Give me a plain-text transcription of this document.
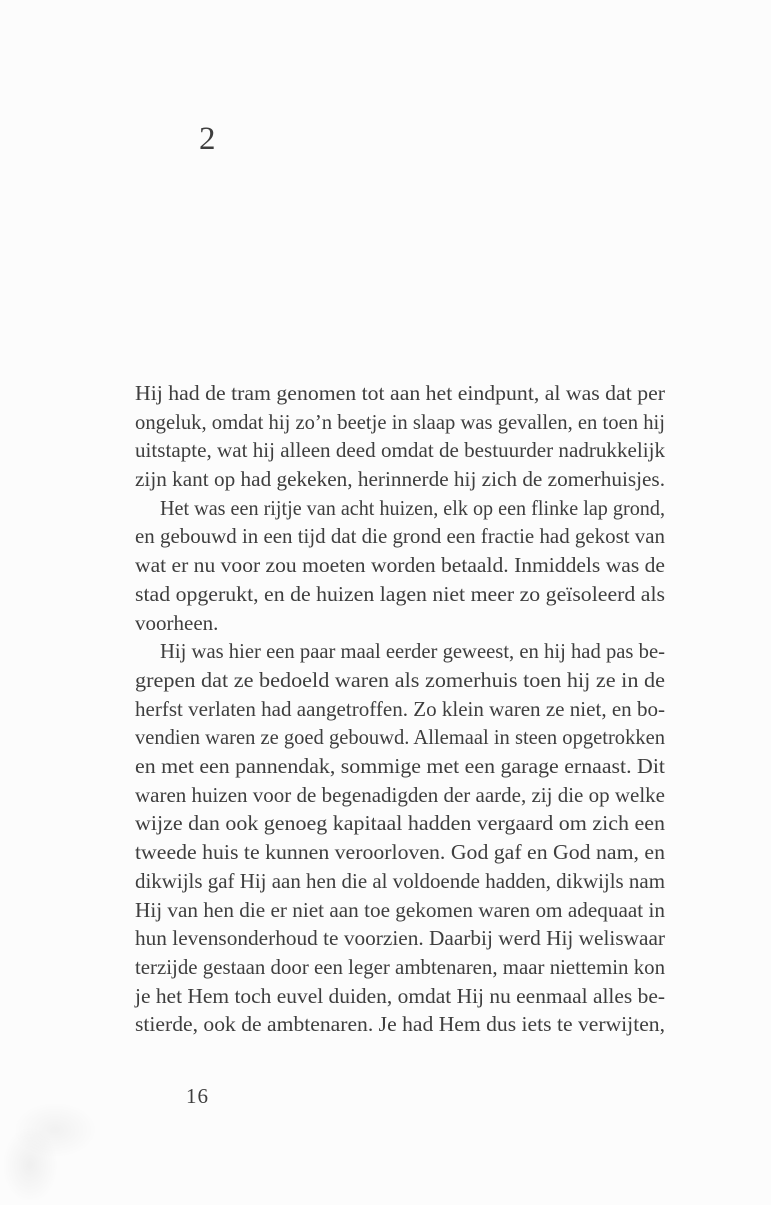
2
Hij had de tram genomen tot aan het eindpunt, al was dat per
ongeluk, omdat hij zo’n beetje in slaap was gevallen, en toen hij
uitstapte, wat hij alleen deed omdat de bestuurder nadrukkelijk
zijn kant op had gekeken, herinnerde hij zich de zomerhuisjes.
Het was een rijtje van acht huizen, elk op een flinke lap grond,
en gebouwd in een tijd dat die grond een fractie had gekost van
wat er nu voor zou moeten worden betaald. Inmiddels was de
stad opgerukt, en de huizen lagen niet meer zo geïsoleerd als
voorheen.
Hij was hier een paar maal eerder geweest, en hij had pas be-
grepen dat ze bedoeld waren als zomerhuis toen hij ze in de
herfst verlaten had aangetroffen. Zo klein waren ze niet, en bo-
vendien waren ze goed gebouwd. Allemaal in steen opgetrokken
en met een pannendak, sommige met een garage ernaast. Dit
waren huizen voor de begenadigden der aarde, zij die op welke
wijze dan ook genoeg kapitaal hadden vergaard om zich een
tweede huis te kunnen veroorloven. God gaf en God nam, en
dikwijls gaf Hij aan hen die al voldoende hadden, dikwijls nam
Hij van hen die er niet aan toe gekomen waren om adequaat in
hun levensonderhoud te voorzien. Daarbij werd Hij weliswaar
terzijde gestaan door een leger ambtenaren, maar niettemin kon
je het Hem toch euvel duiden, omdat Hij nu eenmaal alles be-
stierde, ook de ambtenaren. Je had Hem dus iets te verwijten,
16
